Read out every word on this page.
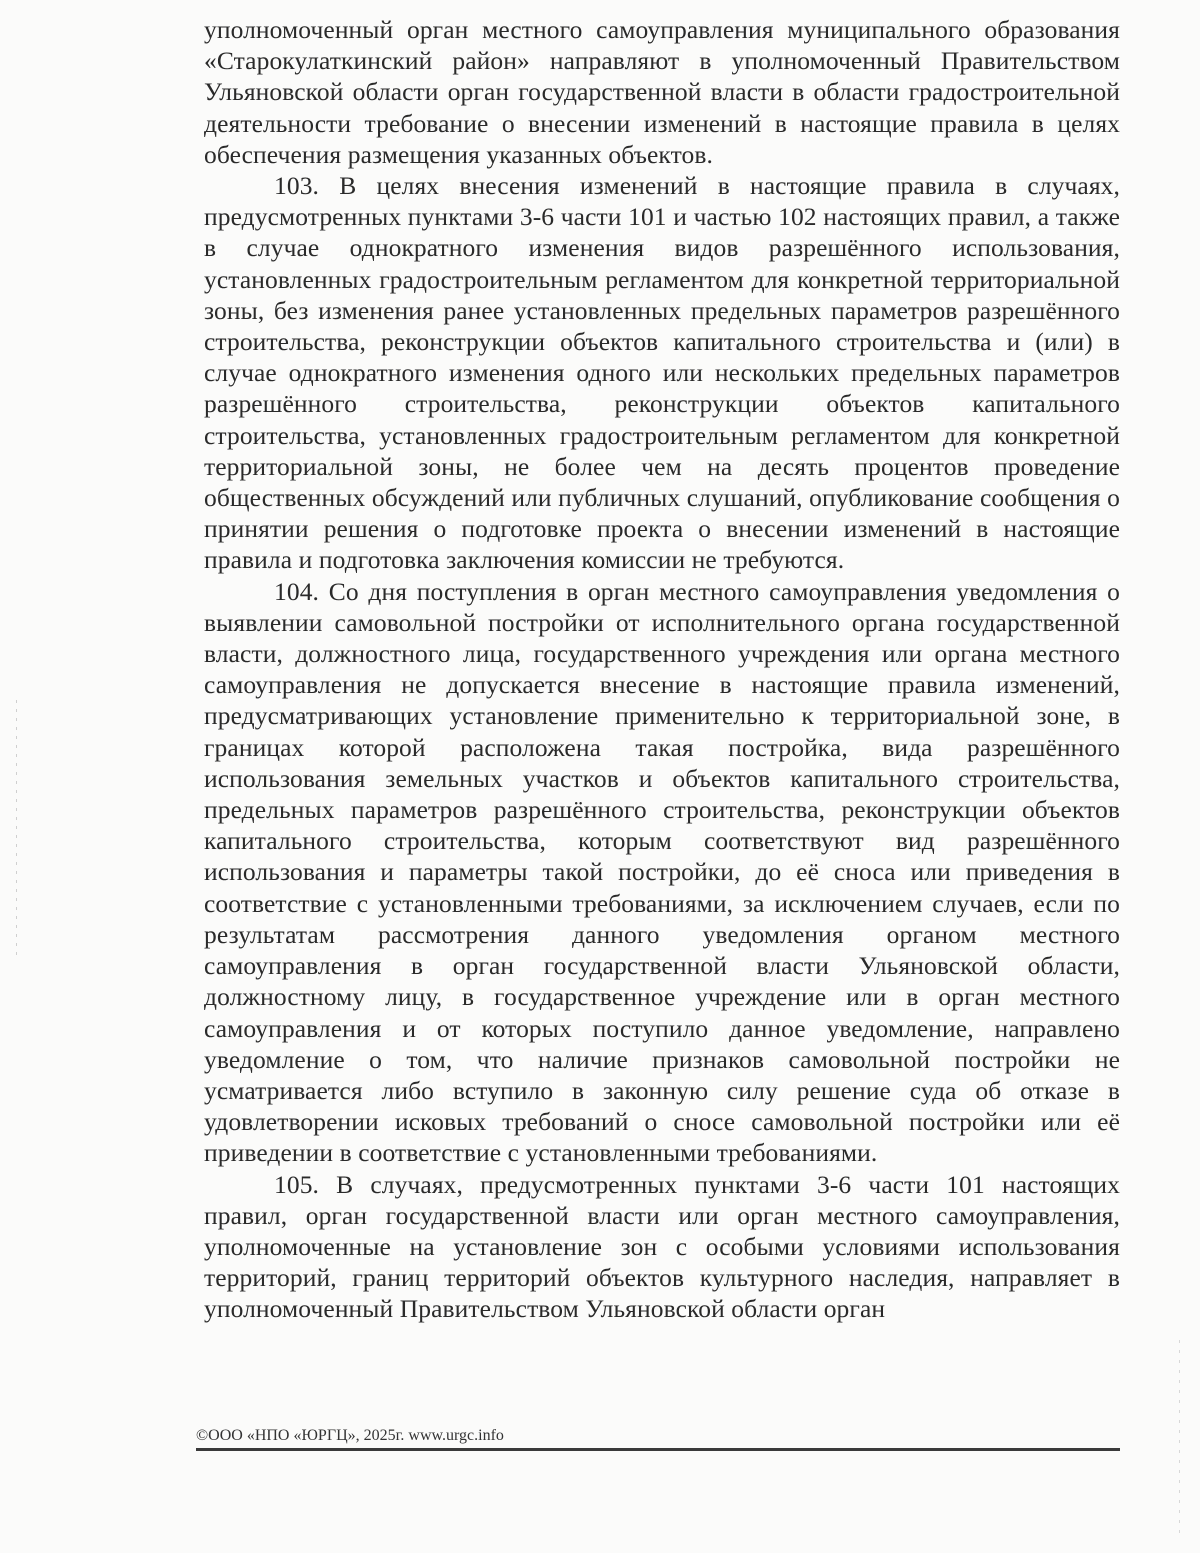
уполномоченный орган местного самоуправления муниципального образования «Старокулаткинский район» направляют в уполномоченный Правительством Ульяновской области орган государственной власти в области градостроительной деятельности требование о внесении изменений в настоящие правила в целях обеспечения размещения указанных объектов.

103. В целях внесения изменений в настоящие правила в случаях, предусмотренных пунктами 3-6 части 101 и частью 102 настоящих правил, а также в случае однократного изменения видов разрешённого использования, установленных градостроительным регламентом для конкретной территориальной зоны, без изменения ранее установленных предельных параметров разрешённого строительства, реконструкции объектов капитального строительства и (или) в случае однократного изменения одного или нескольких предельных параметров разрешённого строительства, реконструкции объектов капитального строительства, установленных градостроительным регламентом для конкретной территориальной зоны, не более чем на десять процентов проведение общественных обсуждений или публичных слушаний, опубликование сообщения о принятии решения о подготовке проекта о внесении изменений в настоящие правила и подготовка заключения комиссии не требуются.

104. Со дня поступления в орган местного самоуправления уведомления о выявлении самовольной постройки от исполнительного органа государственной власти, должностного лица, государственного учреждения или органа местного самоуправления не допускается внесение в настоящие правила изменений, предусматривающих установление применительно к территориальной зоне, в границах которой расположена такая постройка, вида разрешённого использования земельных участков и объектов капитального строительства, предельных параметров разрешённого строительства, реконструкции объектов капитального строительства, которым соответствуют вид разрешённого использования и параметры такой постройки, до её сноса или приведения в соответствие с установленными требованиями, за исключением случаев, если по результатам рассмотрения данного уведомления органом местного самоуправления в орган государственной власти Ульяновской области, должностному лицу, в государственное учреждение или в орган местного самоуправления и от которых поступило данное уведомление, направлено уведомление о том, что наличие признаков самовольной постройки не усматривается либо вступило в законную силу решение суда об отказе в удовлетворении исковых требований о сносе самовольной постройки или её приведении в соответствие с установленными требованиями.

105. В случаях, предусмотренных пунктами 3-6 части 101 настоящих правил, орган государственной власти или орган местного самоуправления, уполномоченные на установление зон с особыми условиями использования территорий, границ территорий объектов культурного наследия, направляет в уполномоченный Правительством Ульяновской области орган

©ООО «НПО «ЮРГЦ», 2025г. www.urgc.info
